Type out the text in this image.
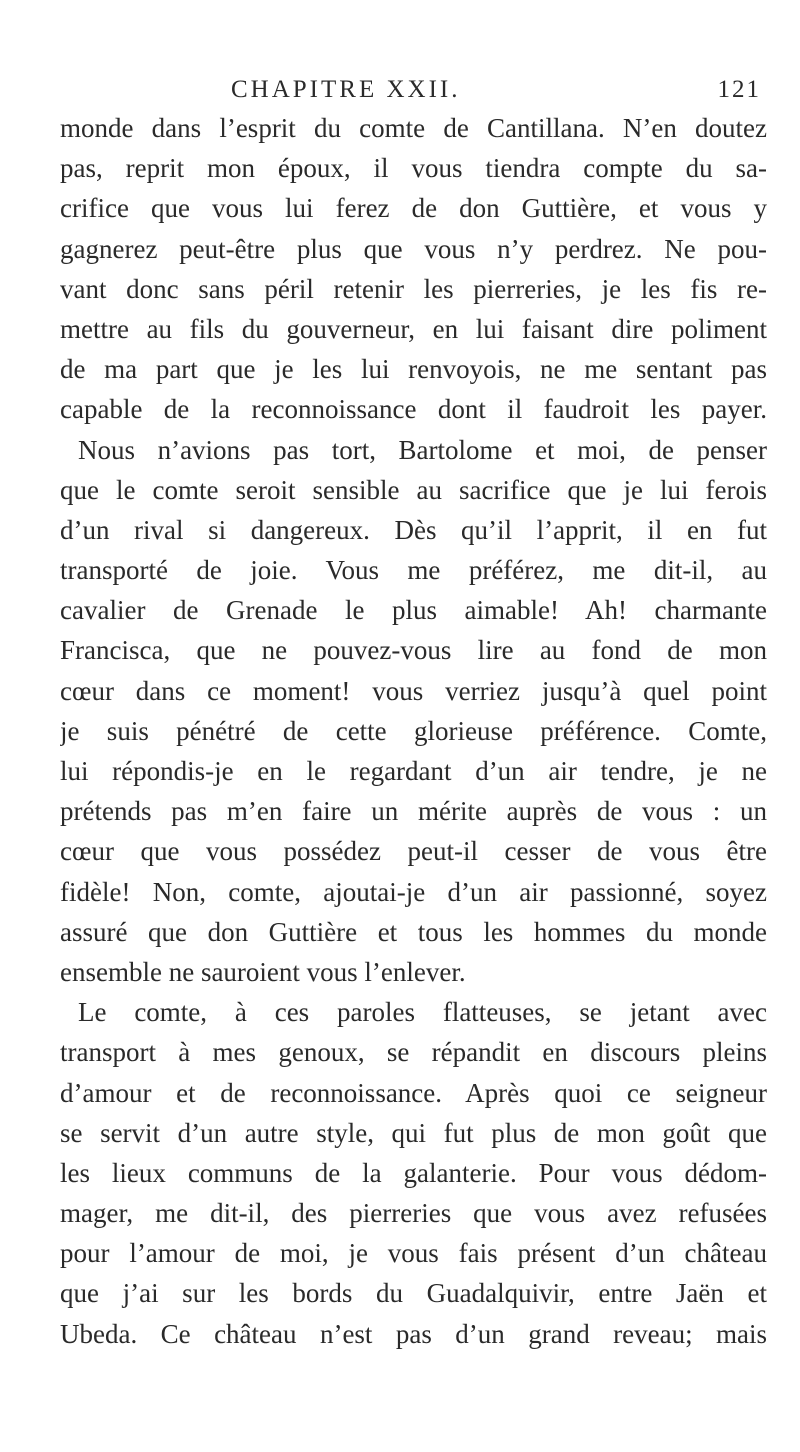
CHAPITRE XXII.	121
monde dans l’esprit du comte de Cantillana. N’en doutez
pas, reprit mon époux, il vous tiendra compte du sa-
crifice que vous lui ferez de don Guttière, et vous y
gagnerez peut-être plus que vous n’y perdrez. Ne pou-
vant donc sans péril retenir les pierreries, je les fis re-
mettre au fils du gouverneur, en lui faisant dire poliment
de ma part que je les lui renvoyois, ne me sentant pas
capable de la reconnoissance dont il faudroit les payer.
Nous n’avions pas tort, Bartolome et moi, de penser
que le comte seroit sensible au sacrifice que je lui ferois
d’un rival si dangereux. Dès qu’il l’apprit, il en fut
transporté de joie. Vous me préférez, me dit-il, au
cavalier de Grenade le plus aimable! Ah! charmante
Francisca, que ne pouvez-vous lire au fond de mon
cœur dans ce moment! vous verriez jusqu’à quel point
je suis pénétré de cette glorieuse préférence. Comte,
lui répondis-je en le regardant d’un air tendre, je ne
prétends pas m’en faire un mérite auprès de vous : un
cœur que vous possédez peut-il cesser de vous être
fidèle! Non, comte, ajoutai-je d’un air passionné, soyez
assuré que don Guttière et tous les hommes du monde
ensemble ne sauroient vous l’enlever.
Le comte, à ces paroles flatteuses, se jetant avec
transport à mes genoux, se répandit en discours pleins
d’amour et de reconnoissance. Après quoi ce seigneur
se servit d’un autre style, qui fut plus de mon goût que
les lieux communs de la galanterie. Pour vous dédom-
mager, me dit-il, des pierreries que vous avez refusées
pour l’amour de moi, je vous fais présent d’un château
que j’ai sur les bords du Guadalquivir, entre Jaën et
Ubeda. Ce château n’est pas d’un grand reveau; mais
